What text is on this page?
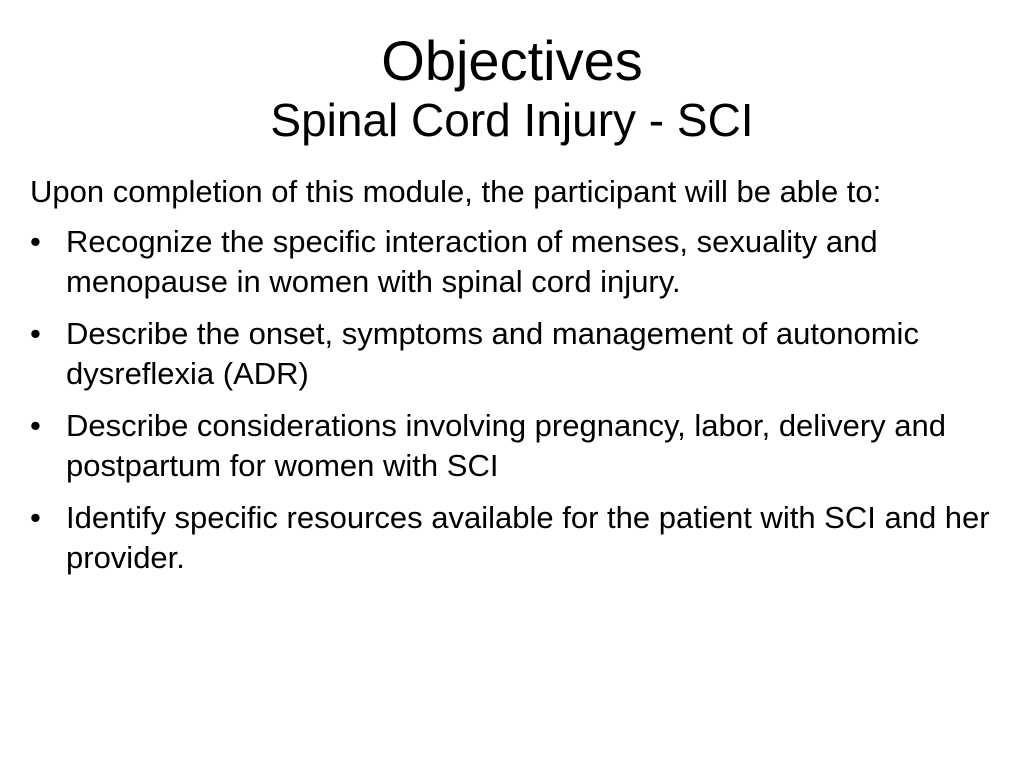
Objectives
Spinal Cord Injury - SCI

Upon completion of this module, the participant will be able to:

• Recognize the specific interaction of menses, sexuality and menopause in women with spinal cord injury.
• Describe the onset, symptoms and management of autonomic dysreflexia (ADR)
• Describe considerations involving pregnancy, labor, delivery and postpartum for women with SCI
• Identify specific resources available for the patient with SCI and her provider.
